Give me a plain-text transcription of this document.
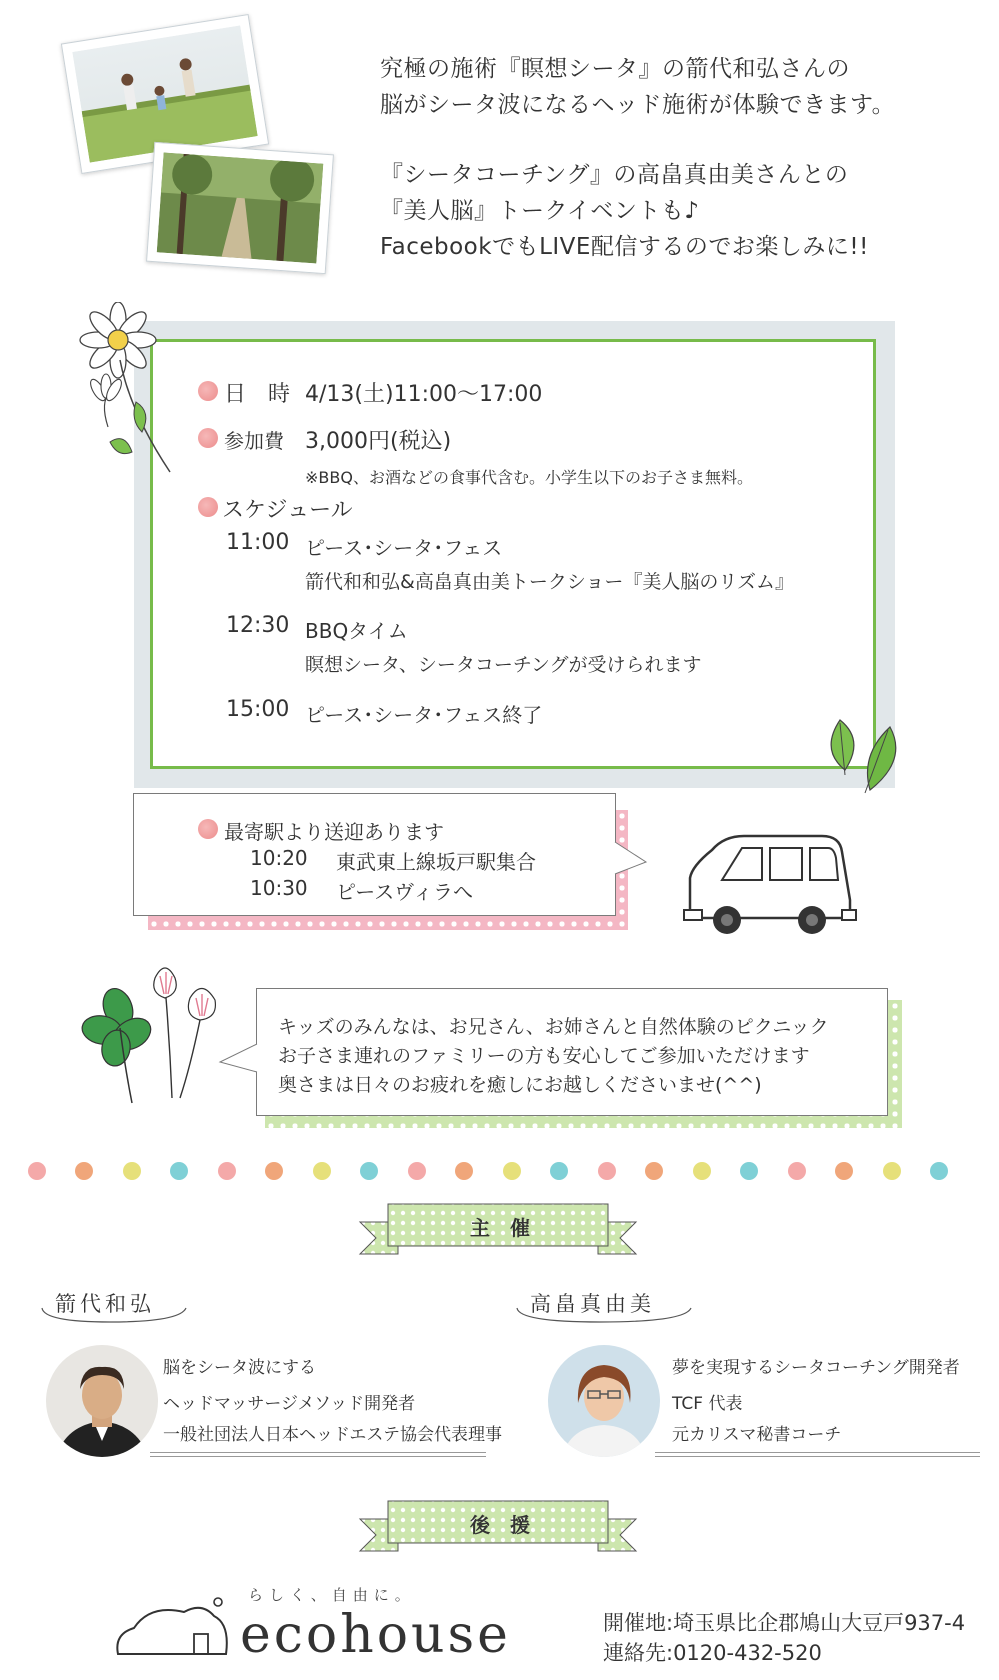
究極の施術『瞑想シータ』の箭代和弘さんの
脳がシータ波になるヘッド施術が体験できます。
『シータコーチング』の高畠真由美さんとの
『美人脳』トークイベントも♪
FacebookでもLIVE配信するのでお楽しみに!!
日　時 4/13(土)11:00～17:00
参加費 3,000円(税込)
※BBQ、お酒などの食事代含む。小学生以下のお子さま無料。
スケジュール
11:00 ピース･シータ･フェス
箭代和和弘&高畠真由美トークショー『美人脳のリズム』
12:30 BBQタイム
瞑想シータ、シータコーチングが受けられます
15:00 ピース･シータ･フェス終了
最寄駅より送迎あります
10:20 東武東上線坂戸駅集合
10:30 ピースヴィラへ
キッズのみんなは、お兄さん、お姉さんと自然体験のピクニック
お子さま連れのファミリーの方も安心してご参加いただけます
奥さまは日々のお疲れを癒しにお越しくださいませ(^^)
主催
箭代和弘
脳をシータ波にする
ヘッドマッサージメソッド開発者
一般社団法人日本ヘッドエステ協会代表理事
高畠真由美
夢を実現するシータコーチング開発者
TCF 代表
元カリスマ秘書コーチ
後援
らしく、自由に。
ecohouse	開催地:埼玉県比企郡鳩山大豆戸937-4
連絡先:0120-432-520
